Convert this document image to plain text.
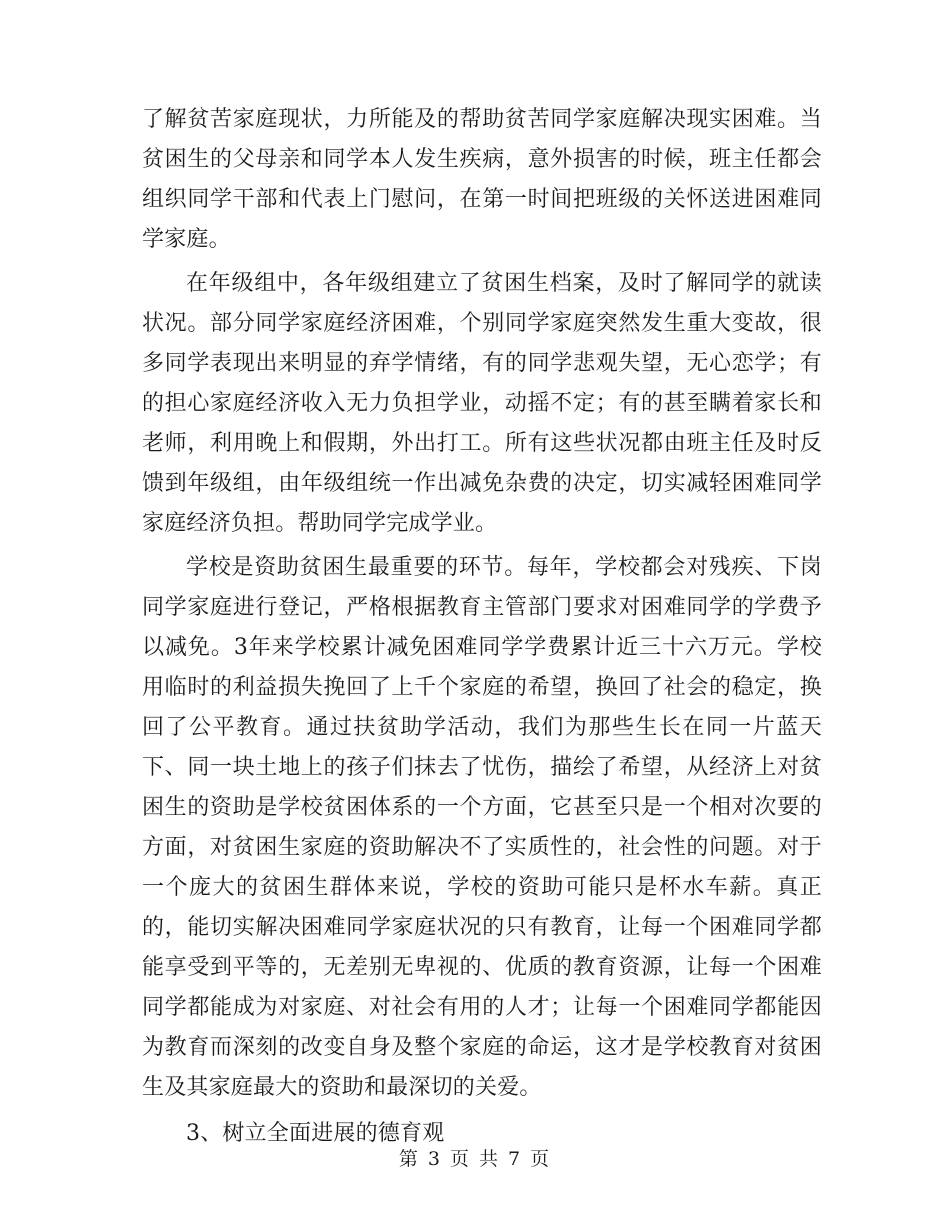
了解贫苦家庭现状，力所能及的帮助贫苦同学家庭解决现实困难。当贫困生的父母亲和同学本人发生疾病，意外损害的时候，班主任都会组织同学干部和代表上门慰问，在第一时间把班级的关怀送进困难同学家庭。

在年级组中，各年级组建立了贫困生档案，及时了解同学的就读状况。部分同学家庭经济困难，个别同学家庭突然发生重大变故，很多同学表现出来明显的弃学情绪，有的同学悲观失望，无心恋学；有的担心家庭经济收入无力负担学业，动摇不定；有的甚至瞒着家长和老师，利用晚上和假期，外出打工。所有这些状况都由班主任及时反馈到年级组，由年级组统一作出减免杂费的决定，切实减轻困难同学家庭经济负担。帮助同学完成学业。

学校是资助贫困生最重要的环节。每年，学校都会对残疾、下岗同学家庭进行登记，严格根据教育主管部门要求对困难同学的学费予以减免。3年来学校累计减免困难同学学费累计近三十六万元。学校用临时的利益损失挽回了上千个家庭的希望，换回了社会的稳定，换回了公平教育。通过扶贫助学活动，我们为那些生长在同一片蓝天下、同一块土地上的孩子们抹去了忧伤，描绘了希望，从经济上对贫困生的资助是学校贫困体系的一个方面，它甚至只是一个相对次要的方面，对贫困生家庭的资助解决不了实质性的，社会性的问题。对于一个庞大的贫困生群体来说，学校的资助可能只是杯水车薪。真正的，能切实解决困难同学家庭状况的只有教育，让每一个困难同学都能享受到平等的，无差别无卑视的、优质的教育资源，让每一个困难同学都能成为对家庭、对社会有用的人才；让每一个困难同学都能因为教育而深刻的改变自身及整个家庭的命运，这才是学校教育对贫困生及其家庭最大的资助和最深切的关爱。

3、树立全面进展的德育观

第 3 页 共 7 页
